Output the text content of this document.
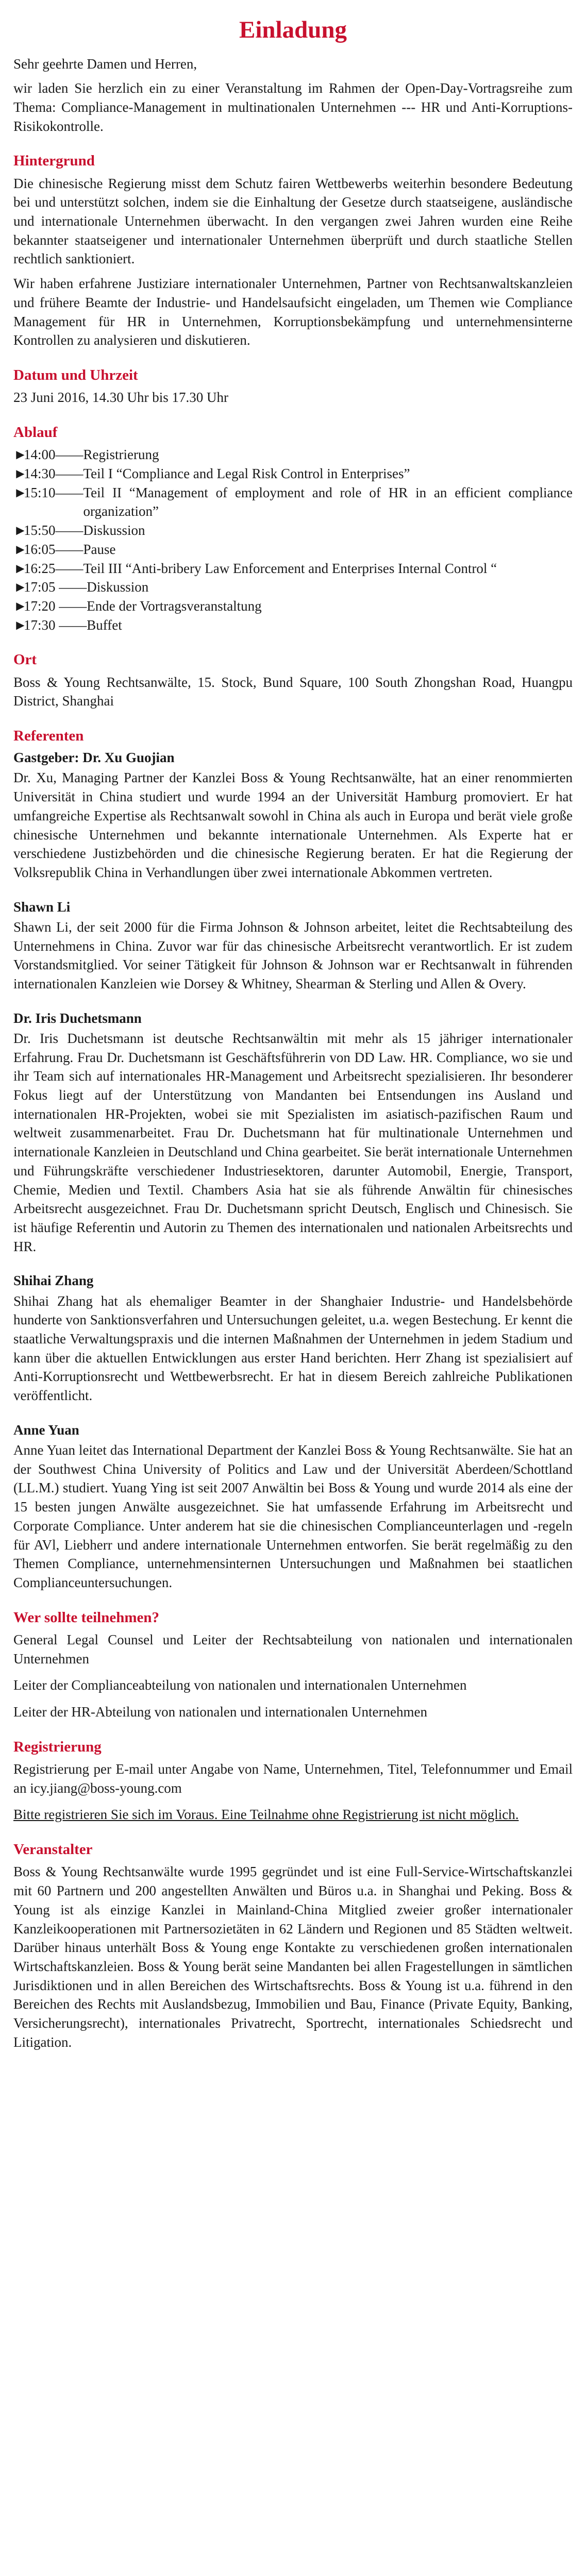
Einladung
Sehr geehrte Damen und Herren,
wir laden Sie herzlich ein zu einer Veranstaltung im Rahmen der Open-Day-Vortragsreihe zum Thema: Compliance-Management in multinationalen Unternehmen --- HR und Anti-Korruptions-Risikokontrolle.
Hintergrund
Die chinesische Regierung misst dem Schutz fairen Wettbewerbs weiterhin besondere Bedeutung bei und unterstützt solchen, indem sie die Einhaltung der Gesetze durch staatseigene, ausländische und internationale Unternehmen überwacht. In den vergangen zwei Jahren wurden eine Reihe bekannter staatseigener und internationaler Unternehmen überprüft und durch staatliche Stellen rechtlich sanktioniert.
Wir haben erfahrene Justiziare internationaler Unternehmen, Partner von Rechtsanwaltskanzleien und frühere Beamte der Industrie- und Handelsaufsicht eingeladen, um Themen wie Compliance Management für HR in Unternehmen, Korruptionsbekämpfung und unternehmensinterne Kontrollen zu analysieren und diskutieren.
Datum und Uhrzeit
23 Juni 2016, 14.30 Uhr bis 17.30 Uhr
Ablauf
►
14:00—— Registrierung
►
14:30—— Teil I “Compliance and Legal Risk Control in Enterprises”
►
15:10—— Teil II “Management of employment and role of HR in an efficient compliance organization”
►
15:50—— Diskussion
►
16:05—— Pause
►
16:25—— Teil III “Anti-bribery Law Enforcement and Enterprises Internal Control “
►
17:05 —— Diskussion
►
17:20 —— Ende der Vortragsveranstaltung
►
17:30 —— Buffet
Ort
Boss & Young Rechtsanwälte, 15. Stock, Bund Square, 100 South Zhongshan Road, Huangpu District, Shanghai
Referenten
Gastgeber: Dr. Xu Guojian
Dr. Xu, Managing Partner der Kanzlei Boss & Young Rechtsanwälte, hat an einer renommierten Universität in China studiert und wurde 1994 an der Universität Hamburg promoviert. Er hat umfangreiche Expertise als Rechtsanwalt sowohl in China als auch in Europa und berät viele große chinesische Unternehmen und bekannte internationale Unternehmen. Als Experte hat er verschiedene Justizbehörden und die chinesische Regierung beraten. Er hat die Regierung der Volksrepublik China in Verhandlungen über zwei internationale Abkommen vertreten.
Shawn Li
Shawn Li, der seit 2000 für die Firma Johnson & Johnson arbeitet, leitet die Rechtsabteilung des Unternehmens in China. Zuvor war für das chinesische Arbeitsrecht verantwortlich. Er ist zudem Vorstandsmitglied. Vor seiner Tätigkeit für Johnson & Johnson war er Rechtsanwalt in führenden internationalen Kanzleien wie Dorsey & Whitney, Shearman & Sterling und Allen & Overy.
Dr. Iris Duchetsmann
Dr. Iris Duchetsmann ist deutsche Rechtsanwältin mit mehr als 15 jähriger internationaler Erfahrung. Frau Dr. Duchetsmann ist Geschäftsführerin von DD Law. HR. Compliance, wo sie und ihr Team sich auf internationales HR-Management und Arbeitsrecht spezialisieren. Ihr besonderer Fokus liegt auf der Unterstützung von Mandanten bei Entsendungen ins Ausland und internationalen HR-Projekten, wobei sie mit Spezialisten im asiatisch-pazifischen Raum und weltweit zusammenarbeitet. Frau Dr. Duchetsmann hat für multinationale Unternehmen und internationale Kanzleien in Deutschland und China gearbeitet. Sie berät internationale Unternehmen und Führungskräfte verschiedener Industriesektoren, darunter Automobil, Energie, Transport, Chemie, Medien und Textil. Chambers Asia hat sie als führende Anwältin für chinesisches Arbeitsrecht ausgezeichnet. Frau Dr. Duchetsmann spricht Deutsch, Englisch und Chinesisch. Sie ist häufige Referentin und Autorin zu Themen des internationalen und nationalen Arbeitsrechts und HR.
Shihai Zhang
Shihai Zhang hat als ehemaliger Beamter in der Shanghaier Industrie- und Handelsbehörde hunderte von Sanktionsverfahren und Untersuchungen geleitet, u.a. wegen Bestechung. Er kennt die staatliche Verwaltungspraxis und die internen Maßnahmen der Unternehmen in jedem Stadium und kann über die aktuellen Entwicklungen aus erster Hand berichten. Herr Zhang ist spezialisiert auf Anti-Korruptionsrecht und Wettbewerbsrecht. Er hat in diesem Bereich zahlreiche Publikationen veröffentlicht.
Anne Yuan
Anne Yuan leitet das International Department der Kanzlei Boss & Young Rechtsanwälte. Sie hat an der Southwest China University of Politics and Law und der Universität Aberdeen/Schottland (LL.M.) studiert. Yuang Ying ist seit 2007 Anwältin bei Boss & Young und wurde 2014 als eine der 15 besten jungen Anwälte ausgezeichnet. Sie hat umfassende Erfahrung im Arbeitsrecht und Corporate Compliance. Unter anderem hat sie die chinesischen Complianceunterlagen und -regeln für AVl, Liebherr und andere internationale Unternehmen entworfen. Sie berät regelmäßig zu den Themen Compliance, unternehmensinternen Untersuchungen und Maßnahmen bei staatlichen Complianceuntersuchungen.
Wer sollte teilnehmen?
General Legal Counsel und Leiter der Rechtsabteilung von nationalen und internationalen Unternehmen
Leiter der Complianceabteilung von nationalen und internationalen Unternehmen
Leiter der HR-Abteilung von nationalen und internationalen Unternehmen
Registrierung
Registrierung per E-mail unter Angabe von Name, Unternehmen, Titel, Telefonnummer und Email an icy.jiang@boss-young.com
Bitte registrieren Sie sich im Voraus. Eine Teilnahme ohne Registrierung ist nicht möglich.
Veranstalter
Boss & Young Rechtsanwälte wurde 1995 gegründet und ist eine Full-Service-Wirtschaftskanzlei mit 60 Partnern und 200 angestellten Anwälten und Büros u.a. in Shanghai und Peking. Boss & Young ist als einzige Kanzlei in Mainland-China Mitglied zweier großer internationaler Kanzleikooperationen mit Partnersozietäten in 62 Ländern und Regionen und 85 Städten weltweit. Darüber hinaus unterhält Boss & Young enge Kontakte zu verschiedenen großen internationalen Wirtschaftskanzleien. Boss & Young berät seine Mandanten bei allen Fragestellungen in sämtlichen Jurisdiktionen und in allen Bereichen des Wirtschaftsrechts. Boss & Young ist u.a. führend in den Bereichen des Rechts mit Auslandsbezug, Immobilien und Bau, Finance (Private Equity, Banking, Versicherungsrecht), internationales Privatrecht, Sportrecht, internationales Schiedsrecht und Litigation.
